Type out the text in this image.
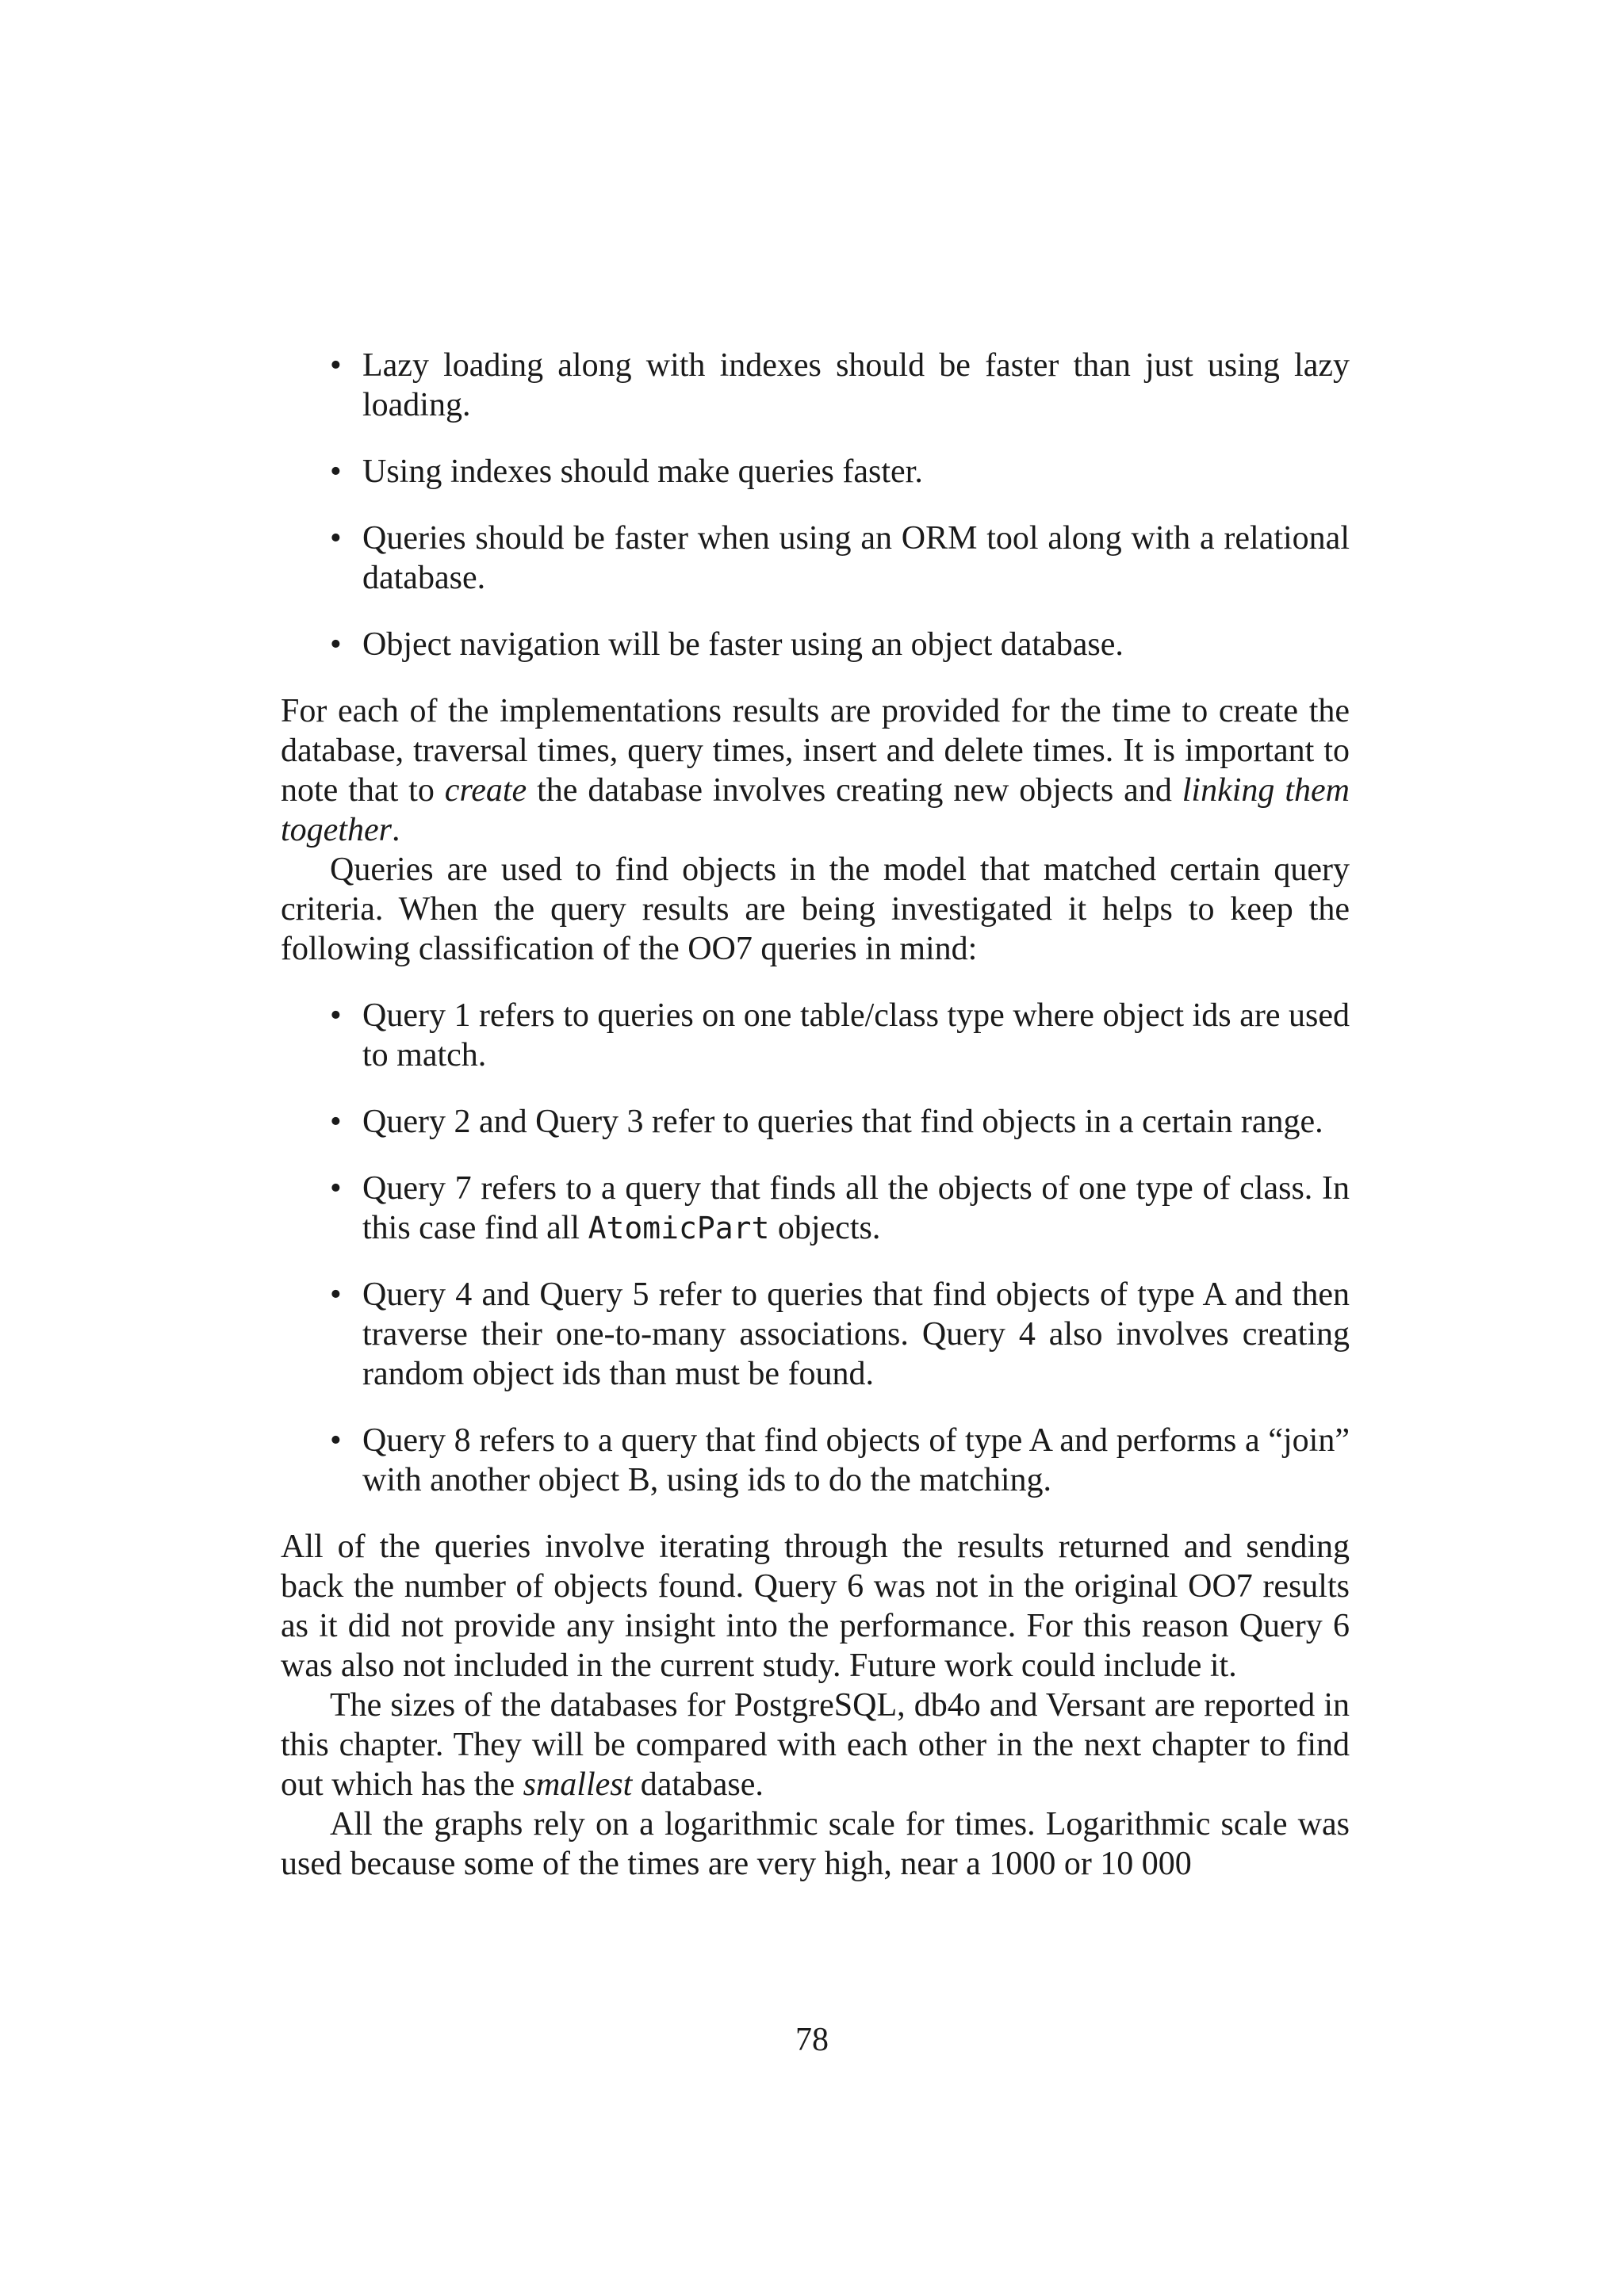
• Lazy loading along with indexes should be faster than just using lazy loading.
• Using indexes should make queries faster.
• Queries should be faster when using an ORM tool along with a relational database.
• Object navigation will be faster using an object database.

For each of the implementations results are provided for the time to create the database, traversal times, query times, insert and delete times. It is important to note that to create the database involves creating new objects and linking them together.

Queries are used to find objects in the model that matched certain query criteria. When the query results are being investigated it helps to keep the following classification of the OO7 queries in mind:

• Query 1 refers to queries on one table/class type where object ids are used to match.
• Query 2 and Query 3 refer to queries that find objects in a certain range.
• Query 7 refers to a query that finds all the objects of one type of class. In this case find all AtomicPart objects.
• Query 4 and Query 5 refer to queries that find objects of type A and then traverse their one-to-many associations. Query 4 also involves creating random object ids than must be found.
• Query 8 refers to a query that find objects of type A and performs a “join” with another object B, using ids to do the matching.

All of the queries involve iterating through the results returned and sending back the number of objects found. Query 6 was not in the original OO7 results as it did not provide any insight into the performance. For this reason Query 6 was also not included in the current study. Future work could include it.

The sizes of the databases for PostgreSQL, db4o and Versant are reported in this chapter. They will be compared with each other in the next chapter to find out which has the smallest database.

All the graphs rely on a logarithmic scale for times. Logarithmic scale was used because some of the times are very high, near a 1000 or 10 000

78
